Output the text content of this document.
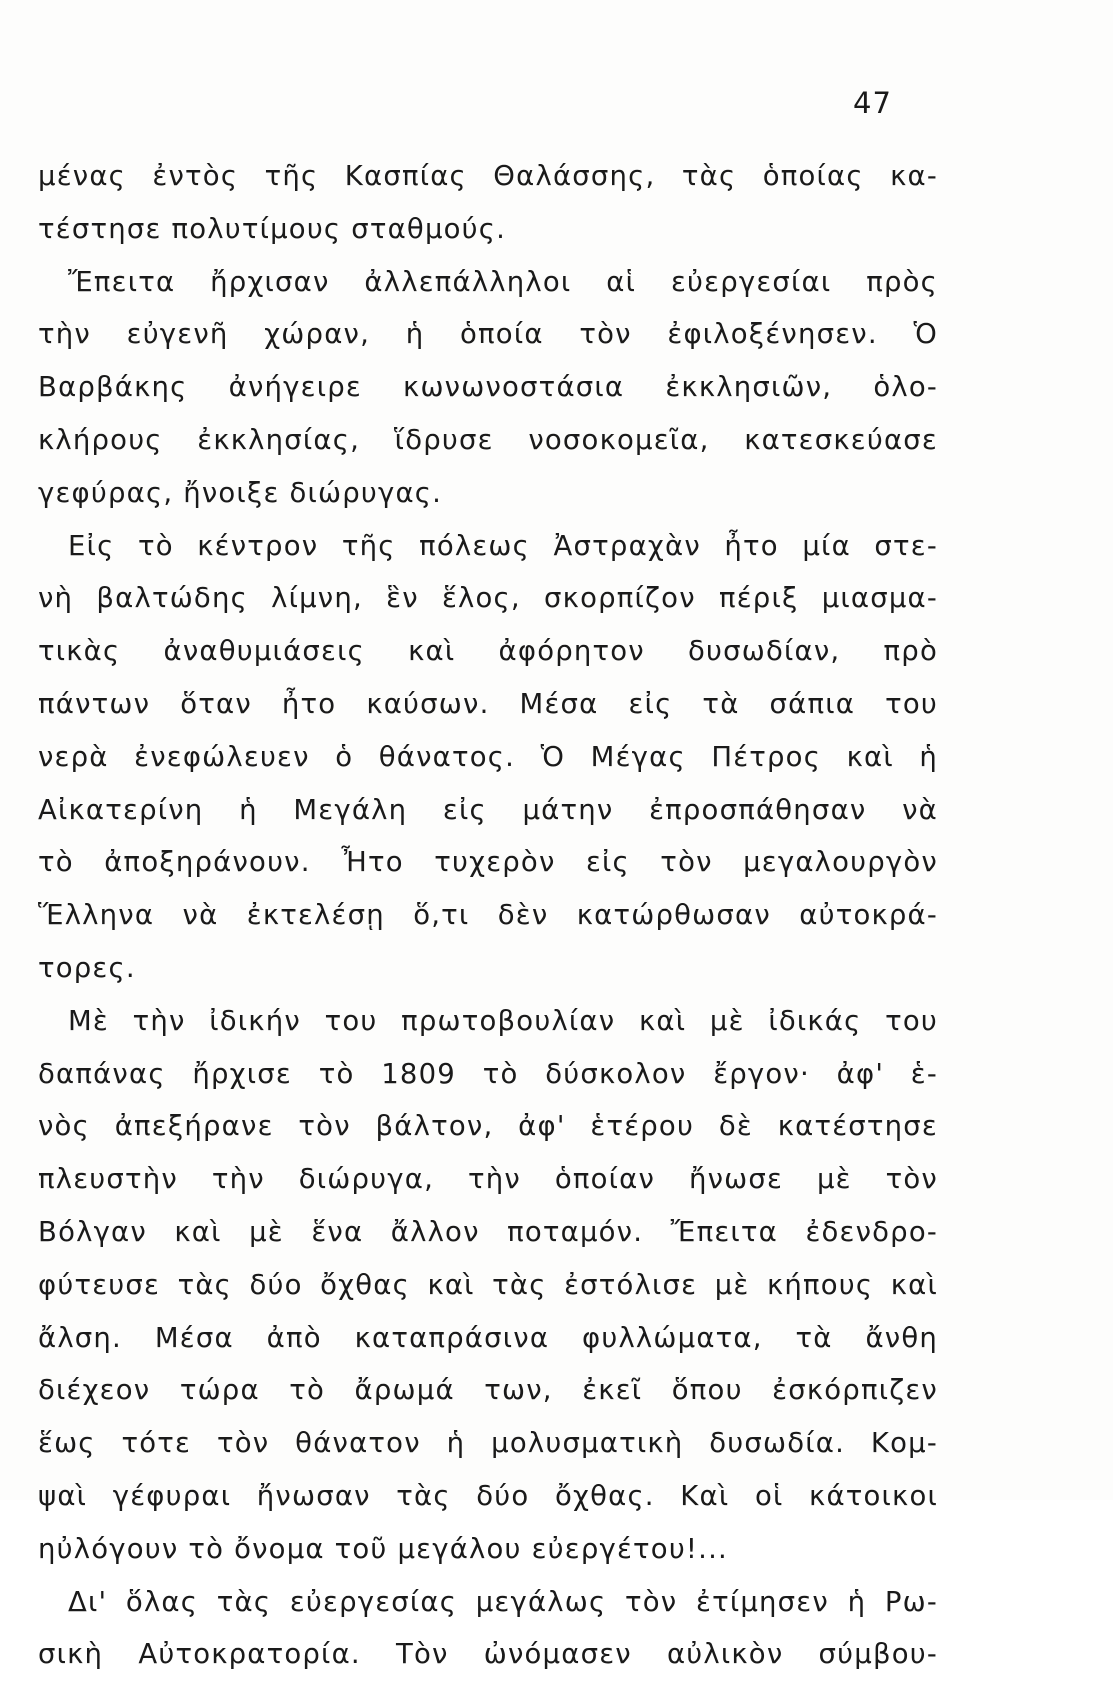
47
μένας ἐντὸς τῆς Κασπίας Θαλάσσης, τὰς ὁποίας κα-
τέστησε πολυτίμους σταθμούς.
Ἔπειτα ἤρχισαν ἀλλεπάλληλοι αἱ εὐεργεσίαι πρὸς
τὴν εὐγενῆ χώραν, ἡ ὁποία τὸν ἐφιλοξένησεν. Ὁ
Βαρβάκης ἀνήγειρε κωνωνοστάσια ἐκκλησιῶν, ὁλο-
κλήρους ἐκκλησίας, ἵδρυσε νοσοκομεῖα, κατεσκεύασε
γεφύρας, ἤνοιξε διώρυγας.
Εἰς τὸ κέντρον τῆς πόλεως Ἀστραχὰν ἦτο μία στε-
νὴ βαλτώδης λίμνη, ἓν ἕλος, σκορπίζον πέριξ μιασμα-
τικὰς ἀναθυμιάσεις καὶ ἀφόρητον δυσωδίαν, πρὸ
πάντων ὅταν ἦτο καύσων. Μέσα εἰς τὰ σάπια του
νερὰ ἐνεφώλευεν ὁ θάνατος. Ὁ Μέγας Πέτρος καὶ ἡ
Αἰκατερίνη ἡ Μεγάλη εἰς μάτην ἐπροσπάθησαν νὰ
τὸ ἀποξηράνουν. Ἦτο τυχερὸν εἰς τὸν μεγαλουργὸν
Ἕλληνα νὰ ἐκτελέσῃ ὅ,τι δὲν κατώρθωσαν αὐτοκρά-
τορες.
Μὲ τὴν ἰδικήν του πρωτοβουλίαν καὶ μὲ ἰδικάς του
δαπάνας ἤρχισε τὸ 1809 τὸ δύσκολον ἔργον· ἀφ' ἑ-
νὸς ἀπεξήρανε τὸν βάλτον, ἀφ' ἑτέρου δὲ κατέστησε
πλευστὴν τὴν διώρυγα, τὴν ὁποίαν ἤνωσε μὲ τὸν
Βόλγαν καὶ μὲ ἕνα ἄλλον ποταμόν. Ἔπειτα ἐδενδρο-
φύτευσε τὰς δύο ὄχθας καὶ τὰς ἐστόλισε μὲ κήπους καὶ
ἄλση. Μέσα ἀπὸ καταπράσινα φυλλώματα, τὰ ἄνθη
διέχεον τώρα τὸ ἄρωμά των, ἐκεῖ ὅπου ἐσκόρπιζεν
ἕως τότε τὸν θάνατον ἡ μολυσματικὴ δυσωδία. Κομ-
ψαὶ γέφυραι ἤνωσαν τὰς δύο ὄχθας. Καὶ οἱ κάτοικοι
ηὐλόγουν τὸ ὄνομα τοῦ μεγάλου εὐεργέτου!...
Δι' ὅλας τὰς εὐεργεσίας μεγάλως τὸν ἐτίμησεν ἡ Ρω-
σικὴ Αὐτοκρατορία. Τὸν ὠνόμασεν αὐλικὸν σύμβου-
